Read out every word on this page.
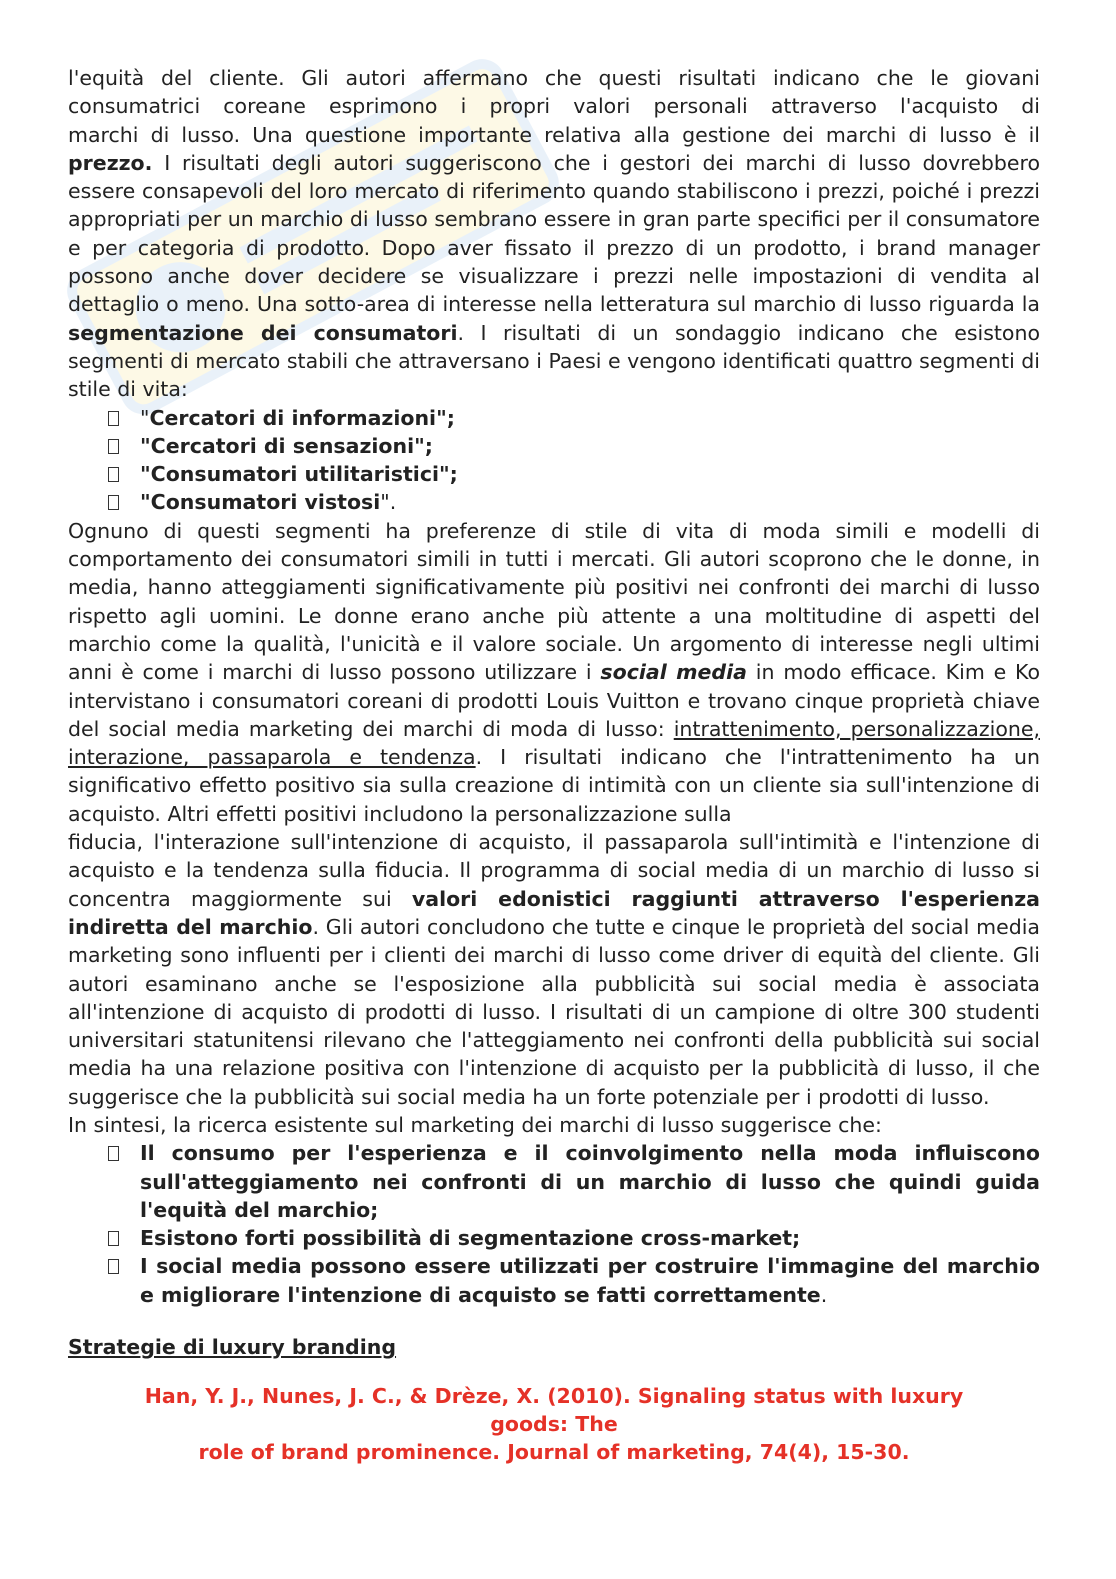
l'equità del cliente. Gli autori affermano che questi risultati indicano che le giovani

consumatrici coreane esprimono i propri valori personali attraverso l'acquisto di

marchi di lusso. Una questione importante relativa alla gestione dei marchi di lusso è il

prezzo. I risultati degli autori suggeriscono che i gestori dei marchi di lusso dovrebbero essere consapevoli del loro mercato di riferimento quando stabiliscono i prezzi, poiché i prezzi appropriati per un marchio di lusso sembrano essere in gran parte specifici per il consumatore e per categoria di prodotto. Dopo aver fissato il prezzo di un prodotto, i brand manager possono anche dover decidere se visualizzare i prezzi nelle impostazioni di vendita al dettaglio o meno. Una sotto-area di interesse nella letteratura sul marchio di lusso riguarda la segmentazione dei consumatori. I risultati di un sondaggio indicano che esistono segmenti di mercato stabili che attraversano i Paesi e vengono identificati quattro segmenti di stile di vita:

"Cercatori di informazioni";
"Cercatori di sensazioni";
"Consumatori utilitaristici";
"Consumatori vistosi".

Ognuno di questi segmenti ha preferenze di stile di vita di moda simili e modelli di comportamento dei consumatori simili in tutti i mercati. Gli autori scoprono che le donne, in media, hanno atteggiamenti significativamente più positivi nei confronti dei marchi di lusso rispetto agli uomini. Le donne erano anche più attente a una moltitudine di aspetti del marchio come la qualità, l'unicità e il valore sociale. Un argomento di interesse negli ultimi anni è come i marchi di lusso possono utilizzare i social media in modo efficace. Kim e Ko intervistano i consumatori coreani di prodotti Louis Vuitton e trovano cinque proprietà chiave del social media marketing dei marchi di moda di lusso: intrattenimento, personalizzazione, interazione, passaparola e tendenza. I risultati indicano che l'intrattenimento ha un significativo effetto positivo sia sulla creazione di intimità con un cliente sia sull'intenzione di acquisto. Altri effetti positivi includono la personalizzazione sulla

fiducia, l'interazione sull'intenzione di acquisto, il passaparola sull'intimità e l'intenzione di acquisto e la tendenza sulla fiducia. Il programma di social media di un marchio di lusso si concentra maggiormente sui valori edonistici raggiunti attraverso l'esperienza indiretta del marchio. Gli autori concludono che tutte e cinque le proprietà del social media marketing sono influenti per i clienti dei marchi di lusso come driver di equità del cliente. Gli autori esaminano anche se l'esposizione alla pubblicità sui social media è associata all'intenzione di acquisto di prodotti di lusso. I risultati di un campione di oltre 300 studenti universitari statunitensi rilevano che l'atteggiamento nei confronti della pubblicità sui social media ha una relazione positiva con l'intenzione di acquisto per la pubblicità di lusso, il che suggerisce che la pubblicità sui social media ha un forte potenziale per i prodotti di lusso.

In sintesi, la ricerca esistente sul marketing dei marchi di lusso suggerisce che:

Il consumo per l'esperienza e il coinvolgimento nella moda influiscono sull'atteggiamento nei confronti di un marchio di lusso che quindi guida l'equità del marchio;
Esistono forti possibilità di segmentazione cross-market;
I social media possono essere utilizzati per costruire l'immagine del marchio e migliorare l'intenzione di acquisto se fatti correttamente.

Strategie di luxury branding

Han, Y. J., Nunes, J. C., & Drèze, X. (2010). Signaling status with luxury

goods: The

role of brand prominence. Journal of marketing, 74(4), 15-30.
